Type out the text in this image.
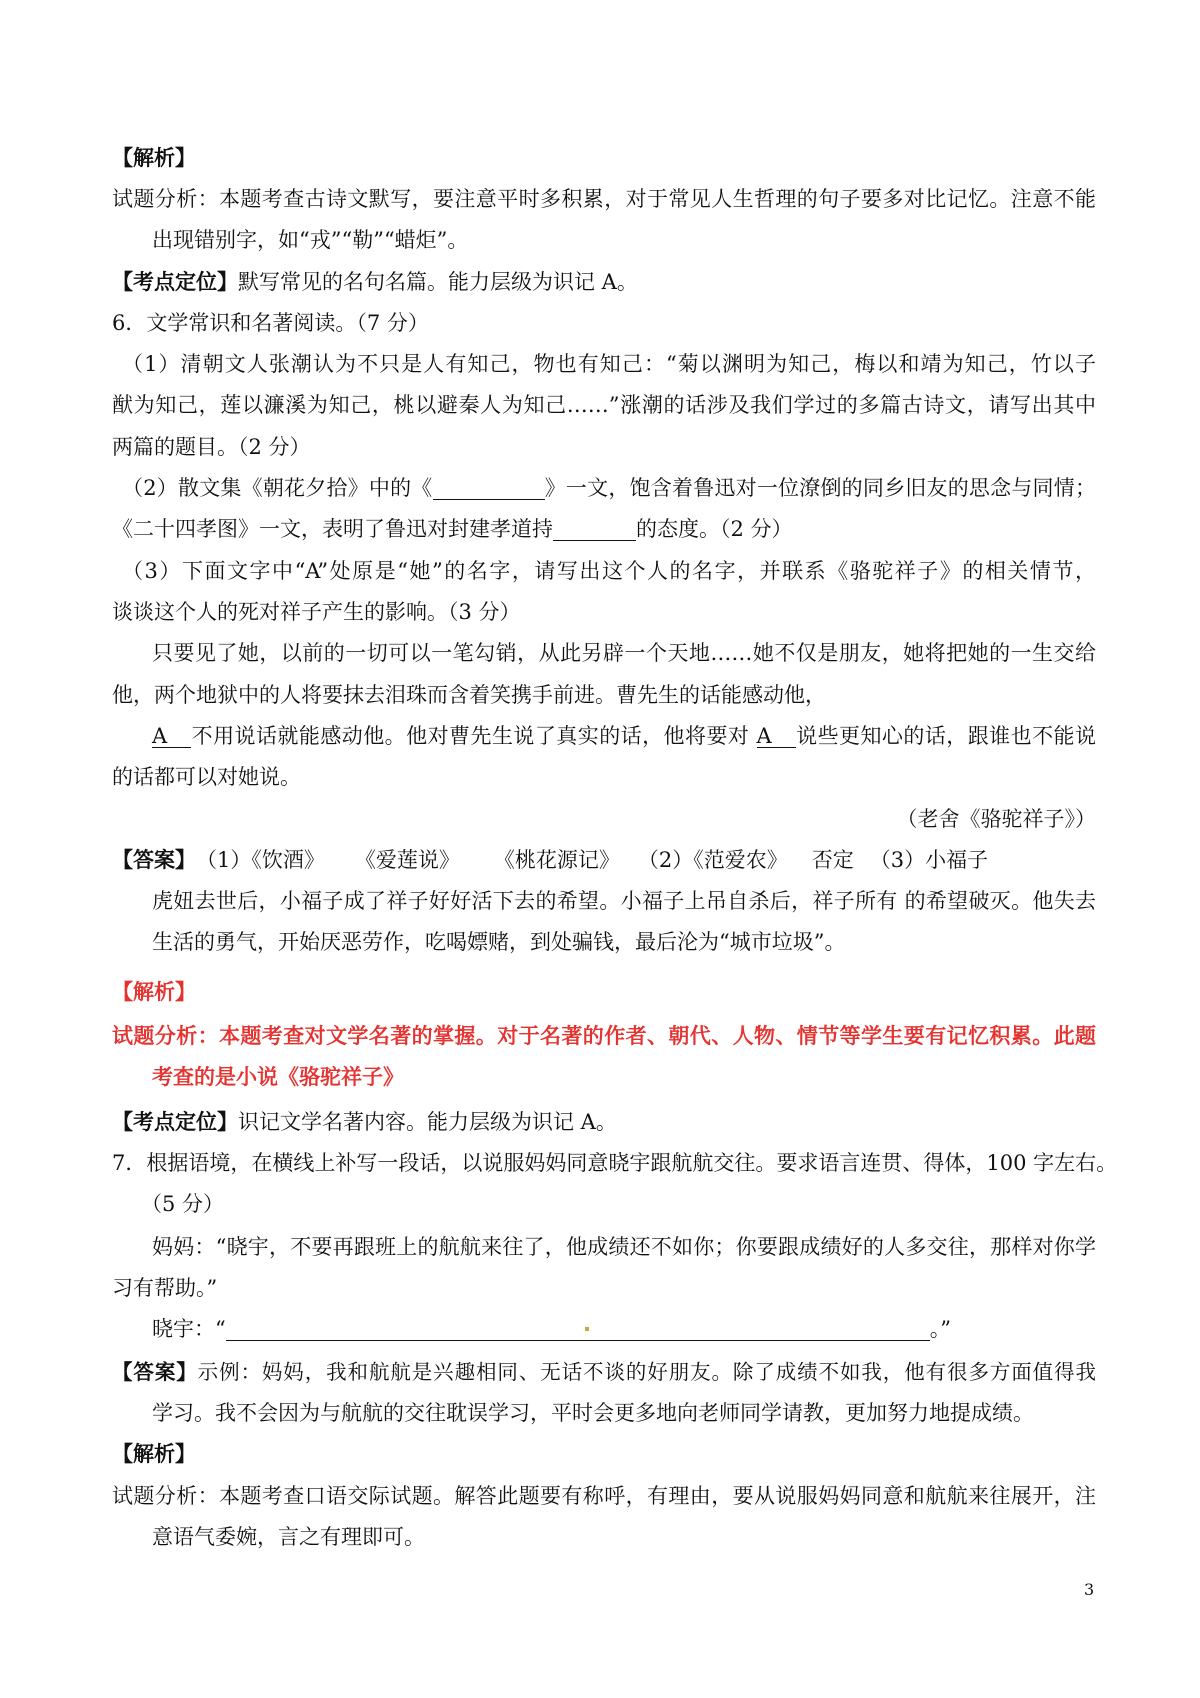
【解析】
试题分析：本题考查古诗文默写，要注意平时多积累，对于常见人生哲理的句子要多对比记忆。注意不能
出现错别字，如“戎”“勒”“蜡炬”。
【考点定位】默写常见的名句名篇。能力层级为识记 A。
6．文学常识和名著阅读。（7 分）
（1）清朝文人张潮认为不只是人有知己，物也有知己：“菊以渊明为知己，梅以和靖为知己，竹以子
猷为知己，莲以濂溪为知己，桃以避秦人为知己……”涨潮的话涉及我们学过的多篇古诗文，请写出其中
两篇的题目。（2 分）
（2）散文集《朝花夕拾》中的《	》一文，饱含着鲁迅对一位潦倒的同乡旧友的思念与同情；
《二十四孝图》一文，表明了鲁迅对封建孝道持	的态度。（2 分）
（3）下面文字中“A”处原是“她”的名字，请写出这个人的名字，并联系《骆驼祥子》的相关情节，
谈谈这个人的死对祥子产生的影响。（3 分）
只要见了她，以前的一切可以一笔勾销，从此另辟一个天地……她不仅是朋友，她将把她的一生交给
他，两个地狱中的人将要抹去泪珠而含着笑携手前进。曹先生的话能感动他，
A 不用说话就能感动他。他对曹先生说了真实的话，他将要对 A 说些更知心的话，跟谁也不能说
的话都可以对她说。
（老舍《骆驼祥子》）
【答案】 （1）《饮酒》 《爱莲说》 《桃花源记》 （2）《范爱农》 否定 （3）小福子
虎妞去世后，小福子成了祥子好好活下去的希望。小福子上吊自杀后，祥子所有 的希望破灭。他失去
生活的勇气，开始厌恶劳作，吃喝嫖赌，到处骗钱，最后沦为“城市垃圾”。
【解析】
试题分析：本题考查对文学名著的掌握。对于名著的作者、朝代、人物、情节等学生要有记忆积累。此题
考查的是小说《骆驼祥子》
【考点定位】识记文学名著内容。能力层级为识记 A。
7．根据语境，在横线上补写一段话，以说服妈妈同意晓宇跟航航交往。要求语言连贯、得体，100 字左右。
（5 分）
妈妈：“晓宇，不要再跟班上的航航来往了，他成绩还不如你；你要跟成绩好的人多交往，那样对你学
习有帮助。”
晓宇：“	。”
【答案】示例：妈妈，我和航航是兴趣相同、无话不谈的好朋友。除了成绩不如我，他有很多方面值得我
学习。我不会因为与航航的交往耽误学习，平时会更多地向老师同学请教，更加努力地提成绩。
【解析】
试题分析：本题考查口语交际试题。解答此题要有称呼，有理由，要从说服妈妈同意和航航来往展开，注
意语气委婉，言之有理即可。
3
